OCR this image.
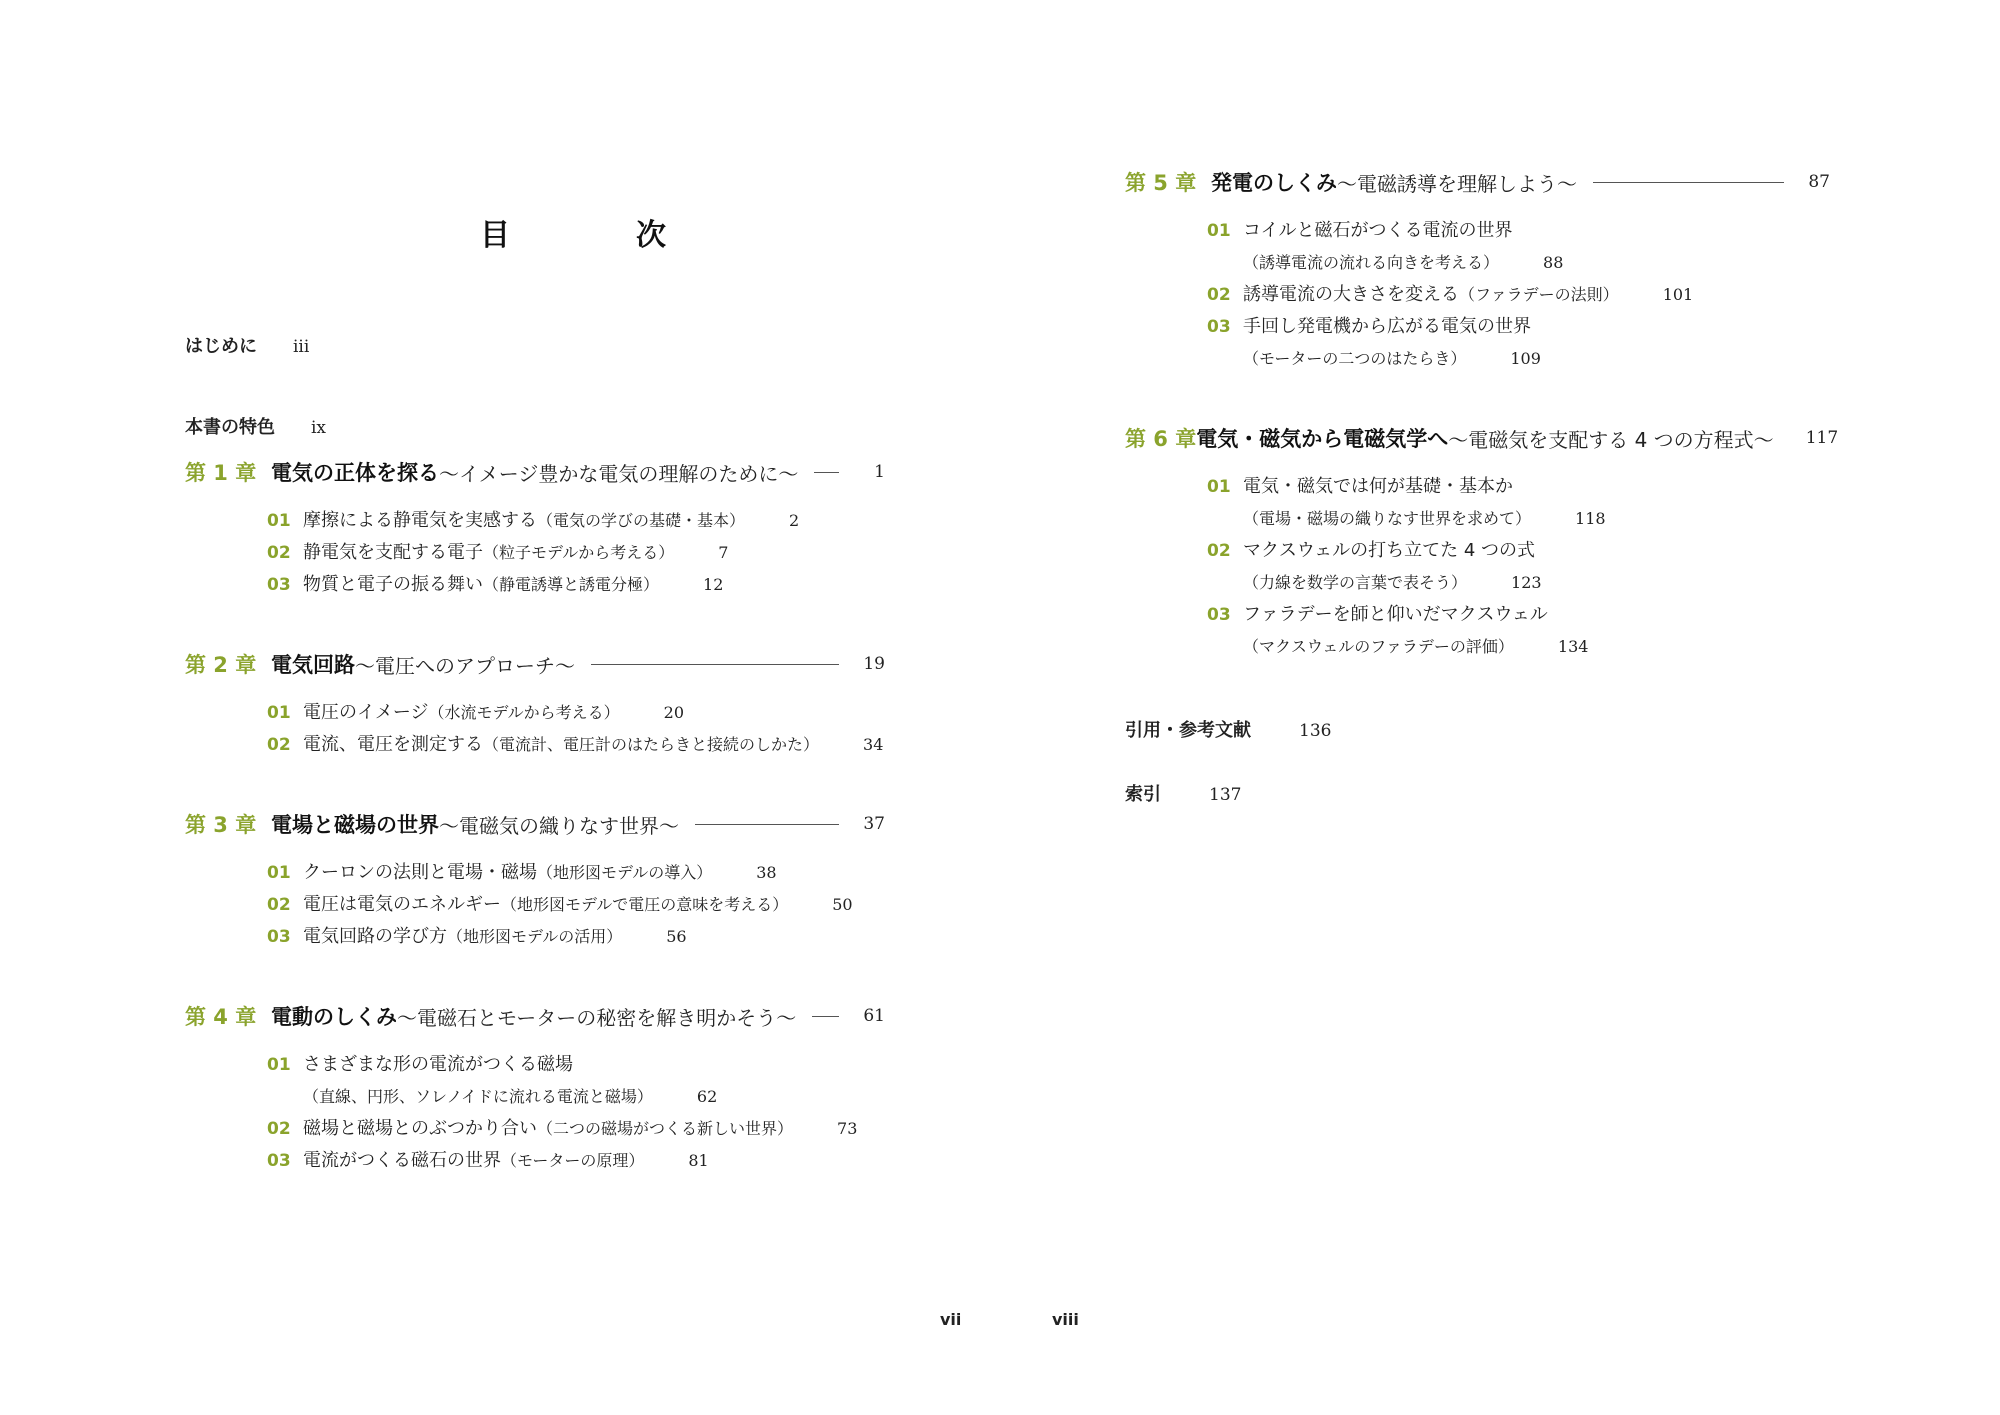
目　次
はじめに iii
本書の特色 ix
第 1 章 電気の正体を探る 〜イメージ豊かな電気の理解のために〜	1
01 摩擦による静電気を実感する （電気の学びの基礎・基本）	2
02 静電気を支配する電子 （粒子モデルから考える）	7
03 物質と電子の振る舞い （静電誘導と誘電分極）	12
第 2 章 電気回路 〜電圧へのアプローチ〜	19
01 電圧のイメージ （水流モデルから考える）	20
02 電流、電圧を測定する （電流計、電圧計のはたらきと接続のしかた）	34
第 3 章 電場と磁場の世界 〜電磁気の織りなす世界〜	37
01 クーロンの法則と電場・磁場 （地形図モデルの導入）	38
02 電圧は電気のエネルギー （地形図モデルで電圧の意味を考える）	50
03 電気回路の学び方 （地形図モデルの活用）	56
第 4 章 電動のしくみ 〜電磁石とモーターの秘密を解き明かそう〜	61
01 さまざまな形の電流がつくる磁場
（直線、円形、ソレノイドに流れる電流と磁場）	62
02 磁場と磁場とのぶつかり合い （二つの磁場がつくる新しい世界）	73
03 電流がつくる磁石の世界 （モーターの原理）	81
vii
第 5 章 発電のしくみ 〜電磁誘導を理解しよう〜	87
01 コイルと磁石がつくる電流の世界
（誘導電流の流れる向きを考える）	88
02 誘導電流の大きさを変える （ファラデーの法則）	101
03 手回し発電機から広がる電気の世界
（モーターの二つのはたらき）	109
第 6 章 電気・磁気から電磁気学へ 〜電磁気を支配する 4 つの方程式〜 117
01 電気・磁気では何が基礎・基本か
（電場・磁場の織りなす世界を求めて）	118
02 マクスウェルの打ち立てた 4 つの式
（力線を数学の言葉で表そう）	123
03 ファラデーを師と仰いだマクスウェル
（マクスウェルのファラデーの評価）	134
引用・参考文献	136
索引	137
viii
